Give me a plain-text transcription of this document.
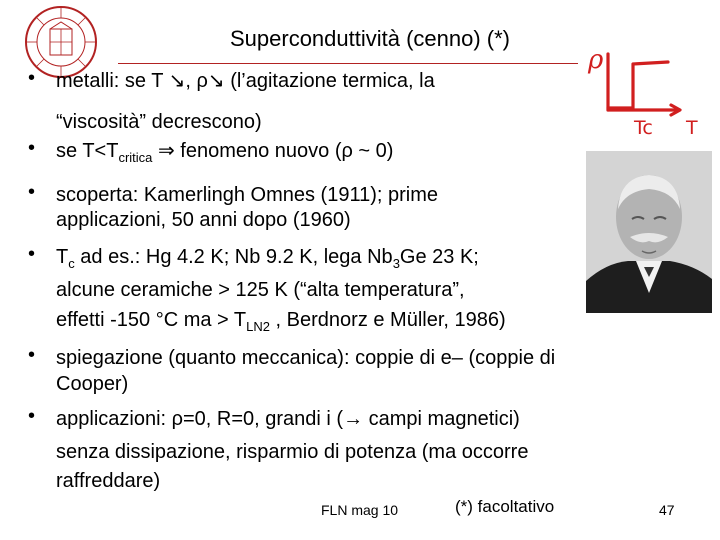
Superconduttività (cenno) (*)
ρ
Tc T
• metalli: se T ↘, ρ↘ (l’agitazione termica, la
“viscosità” decrescono)
• se $T<T_{critica}$ ⇒ fenomeno nuovo (ρ ~ 0)
• scoperta: Kamerlingh Omnes (1911); prime
applicazioni, 50 anni dopo (1960)
• $T_c$ ad es.: Hg 4.2 K; Nb 9.2 K, lega $Nb_3Ge$ 23 K;
alcune ceramiche > 125 K (“alta temperatura”,
effetti -150 °C ma > $T_{LN2}$ , Berdnorz e Müller, 1986)
• spiegazione (quanto meccanica): coppie di e– (coppie di
Cooper)
• applicazioni: ρ=0, R=0, grandi i (→ campi magnetici)
senza dissipazione, risparmio di potenza (ma occorre
raffreddare)
FLN mag 10	(*) facoltativo	47
